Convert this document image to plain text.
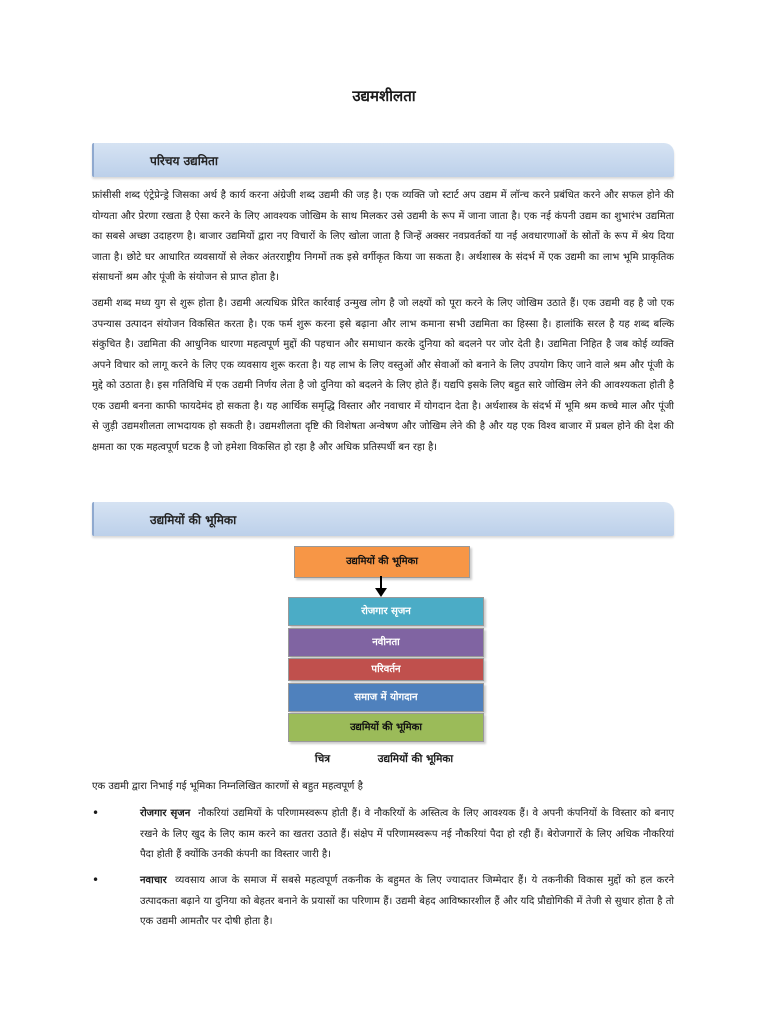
उद्यमशीलता
परिचय उद्यमिता

फ्रांसीसी शब्द एंट्रेप्रेन्ड्रे जिसका अर्थ है कार्य करना अंग्रेजी शब्द उद्यमी की जड़ है। एक व्यक्ति जो स्टार्ट अप उद्यम में लॉन्च करने प्रबंधित करने और सफल होने की योग्यता और प्रेरणा रखता है ऐसा करने के लिए आवश्यक जोखिम के साथ मिलकर उसे उद्यमी के रूप में जाना जाता है। एक नई कंपनी उद्यम का शुभारंभ उद्यमिता का सबसे अच्छा उदाहरण है। बाजार उद्यमियों द्वारा नए विचारों के लिए खोला जाता है जिन्हें अक्सर नवप्रवर्तकों या नई अवधारणाओं के स्रोतों के रूप में श्रेय दिया जाता है। छोटे घर आधारित व्यवसायों से लेकर अंतरराष्ट्रीय निगमों तक इसे वर्गीकृत किया जा सकता है। अर्थशास्त्र के संदर्भ में एक उद्यमी का लाभ भूमि प्राकृतिक संसाधनों श्रम और पूंजी के संयोजन से प्राप्त होता है।

उद्यमी शब्द मध्य युग से शुरू होता है। उद्यमी अत्यधिक प्रेरित कार्रवाई उन्मुख लोग है जो लक्ष्यों को पूरा करने के लिए जोखिम उठाते हैं। एक उद्यमी वह है जो एक उपन्यास उत्पादन संयोजन विकसित करता है। एक फर्म शुरू करना इसे बढ़ाना और लाभ कमाना सभी उद्यमिता का हिस्सा है। हालांकि सरल है यह शब्द बल्कि संकुचित है। उद्यमिता की आधुनिक धारणा महत्वपूर्ण मुद्दों की पहचान और समाधान करके दुनिया को बदलने पर जोर देती है। उद्यमिता निहित है जब कोई व्यक्ति अपने विचार को लागू करने के लिए एक व्यवसाय शुरू करता है। यह लाभ के लिए वस्तुओं और सेवाओं को बनाने के लिए उपयोग किए जाने वाले श्रम और पूंजी के मुद्दे को उठाता है। इस गतिविधि में एक उद्यमी निर्णय लेता है जो दुनिया को बदलने के लिए होते हैं। यद्यपि इसके लिए बहुत सारे जोखिम लेने की आवश्यकता होती है एक उद्यमी बनना काफी फायदेमंद हो सकता है। यह आर्थिक समृद्धि विस्तार और नवाचार में योगदान देता है। अर्थशास्त्र के संदर्भ में भूमि श्रम कच्चे माल और पूंजी से जुड़ी उद्यमशीलता लाभदायक हो सकती है। उद्यमशीलता दृष्टि की विशेषता अन्वेषण और जोखिम लेने की है और यह एक विश्व बाजार में प्रबल होने की देश की क्षमता का एक महत्वपूर्ण घटक है जो हमेशा विकसित हो रहा है और अधिक प्रतिस्पर्धी बन रहा है।

उद्यमियों की भूमिका
उद्यमियों की भूमिका
रोजगार सृजन
नवीनता
परिवर्तन
समाज में योगदान
उद्यमियों की भूमिका
चित्र	उद्यमियों की भूमिका
एक उद्यमी द्वारा निभाई गई भूमिका निम्नलिखित कारणों से बहुत महत्वपूर्ण है
•	रोजगार सृजन नौकरियां उद्यमियों के परिणामस्वरूप होती हैं। वे नौकरियों के अस्तित्व के लिए आवश्यक हैं। वे अपनी कंपनियों के विस्तार को बनाए रखने के लिए खुद के लिए काम करने का खतरा उठाते हैं। संक्षेप में परिणामस्वरूप नई नौकरियां पैदा हो रही हैं। बेरोजगारों के लिए अधिक नौकरियां पैदा होती हैं क्योंकि उनकी कंपनी का विस्तार जारी है।

•	नवाचार व्यवसाय आज के समाज में सबसे महत्वपूर्ण तकनीक के बहुमत के लिए ज्यादातर जिम्मेदार हैं। ये तकनीकी विकास मुद्दों को हल करने उत्पादकता बढ़ाने या दुनिया को बेहतर बनाने के प्रयासों का परिणाम हैं। उद्यमी बेहद आविष्कारशील हैं और यदि प्रौद्योगिकी में तेजी से सुधार होता है तो एक उद्यमी आमतौर पर दोषी होता है।
